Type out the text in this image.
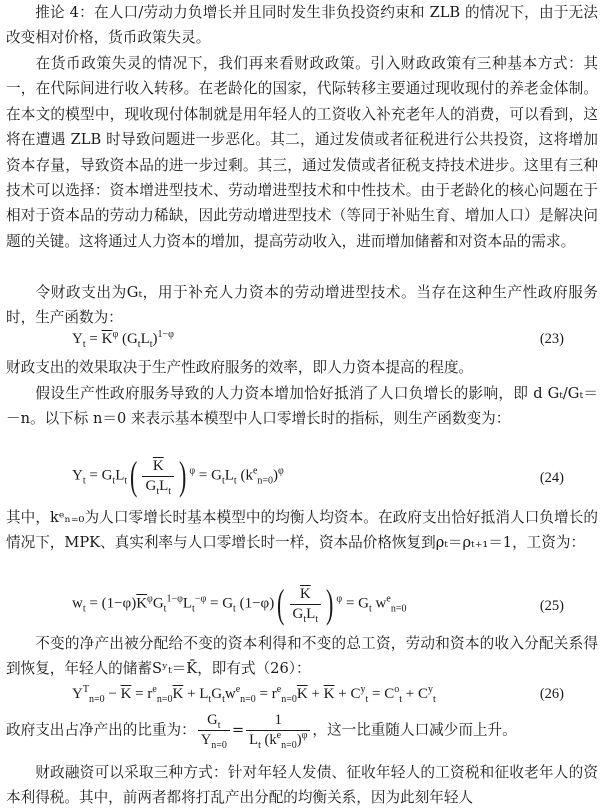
推论 4：在人口/劳动力负增长并且同时发生非负投资约束和 ZLB 的情况下，由于无法改变相对价格，货币政策失灵。

在货币政策失灵的情况下，我们再来看财政政策。引入财政政策有三种基本方式：其一，在代际间进行收入转移。在老龄化的国家，代际转移主要通过现收现付的养老金体制。在本文的模型中，现收现付体制就是用年轻人的工资收入补充老年人的消费，可以看到，这将在遭遇 ZLB 时导致问题进一步恶化。其二，通过发债或者征税进行公共投资，这将增加资本存量，导致资本品的进一步过剩。其三，通过发债或者征税支持技术进步。这里有三种技术可以选择：资本增进型技术、劳动增进型技术和中性技术。由于老龄化的核心问题在于相对于资本品的劳动力稀缺，因此劳动增进型技术（等同于补贴生育、增加人口）是解决问题的关键。这将通过人力资本的增加，提高劳动收入，进而增加储蓄和对资本品的需求。

令财政支出为Gₜ，用于补充人力资本的劳动增进型技术。当存在这种生产性政府服务时，生产函数为：

$Y_t = \overline{K}^\varphi$ $(G_tL_t)^{1-\varphi}$	(23)

财政支出的效果取决于生产性政府服务的效率，即人力资本提高的程度。

假设生产性政府服务导致的人力资本增加恰好抵消了人口负增长的影响，即 d Gₜ/Gₜ＝－n。以下标 n＝0 来表示基本模型中人口零增长时的指标，则生产函数变为：

$Y_t = G_tL_t( \frac{\overline{K}}{G_tL_t}$ ) $^\varphi = G_tL_t$ $(k^e_{n=0})^\varphi$	(24)

其中，kᵉₙ₌₀为人口零增长时基本模型中的均衡人均资本。在政府支出恰好抵消人口负增长的情况下，MPK、真实利率与人口零增长时一样，资本品价格恢复到ρₜ＝ρₜ₊₁＝1，工资为：

$w_t = (1-\varphi)\overline{K}^\varphi G_t^{1-\varphi}L_t^{-\varphi} = G_t$ $(1-\varphi)( \frac{\overline{K}}{G_tL_t}$ ) $^\varphi = G_t$ $w^e_{n=0}$	(25)

不变的净产出被分配给不变的资本利得和不变的总工资，劳动和资本的收入分配关系得到恢复，年轻人的储蓄Sʸₜ＝K̄，即有式（26）：

$Y^T_{n=0} - \overline{K} = r^e_{n=0}\overline{K} + L_tG_tw^e_{n=0} = r^e_{n=0}\overline{K} + \overline{K} + C^y_t = C^o_t + C^y_t$	(26)
政府支出占净产出的比重为： $\frac{G_t}{Y_{n=0}} = \frac{1}{L_t (k^e_{n=0})^\varphi}$ ，这一比重随人口减少而上升。

财政融资可以采取三种方式：针对年轻人发债、征收年轻人的工资税和征收老年人的资本利得税。其中，前两者都将打乱产出分配的均衡关系，因为此刻年轻人
